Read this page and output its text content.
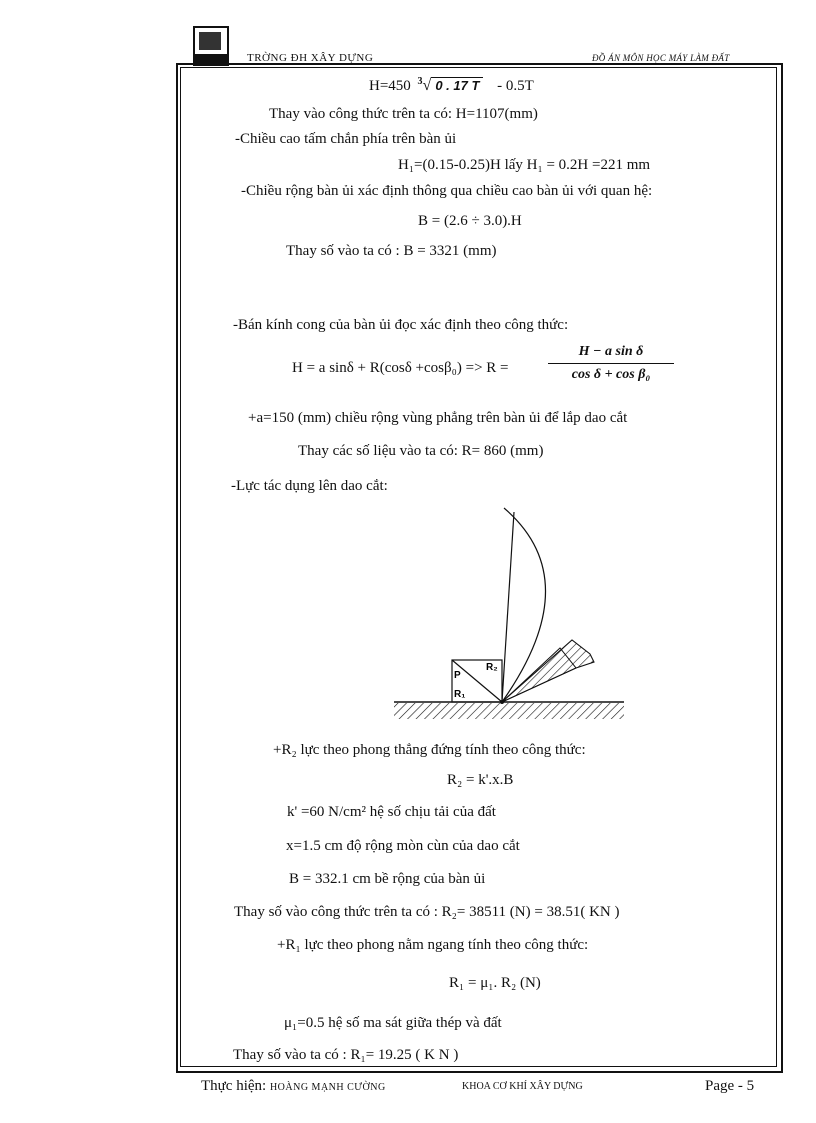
TRỜNG ĐH XÂY DỰNG	ĐỒ ÁN MÔN HỌC MÁY LÀM ĐẤT
H=450 $^3$√ 0 . 17 T - 0.5T
Thay vào công thức trên ta có: H=1107(mm)
-Chiều cao tấm chắn phía trên bàn ủi
H₁=(0.15-0.25)H lấy H₁ = 0.2H =221 mm
-Chiều rộng bàn ủi xác định thông qua chiều cao bàn ủi với quan hệ:
B = (2.6 ÷ 3.0).H
Thay số vào ta có : B = 3321 (mm)
-Bán kính cong của bàn ủi đọc xác định theo công thức:
H = a sinδ + R(cosδ +cosβ₀) => R =	$\frac{\text{H − a sin δ}}{\text{cos δ + cos β₀}}$
+a=150 (mm) chiều rộng vùng phẳng trên bàn ủi để lắp dao cắt
Thay các số liệu vào ta có: R= 860 (mm)
-Lực tác dụng lên dao cắt:
P
R₂
R₁
+R₂ lực theo phong thẳng đứng tính theo công thức:
R₂ = k'.x.B
k' =60 N/cm² hệ số chịu tải của đất
x=1.5 cm độ rộng mòn cùn của dao cắt
B = 332.1 cm bề rộng của bàn ủi
Thay số vào công thức trên ta có : R₂= 38511 (N) = 38.51( KN )
+R₁ lực theo phong nằm ngang tính theo công thức:
R₁ = μ₁. R₂ (N)
μ₁=0.5 hệ số ma sát giữa thép và đất
Thay số vào ta có : R₁= 19.25 ( K N )
Thực hiện: HOÀNG MẠNH CƯỜNG	KHOA CƠ KHÍ XÂY DỰNG	Page - 5
